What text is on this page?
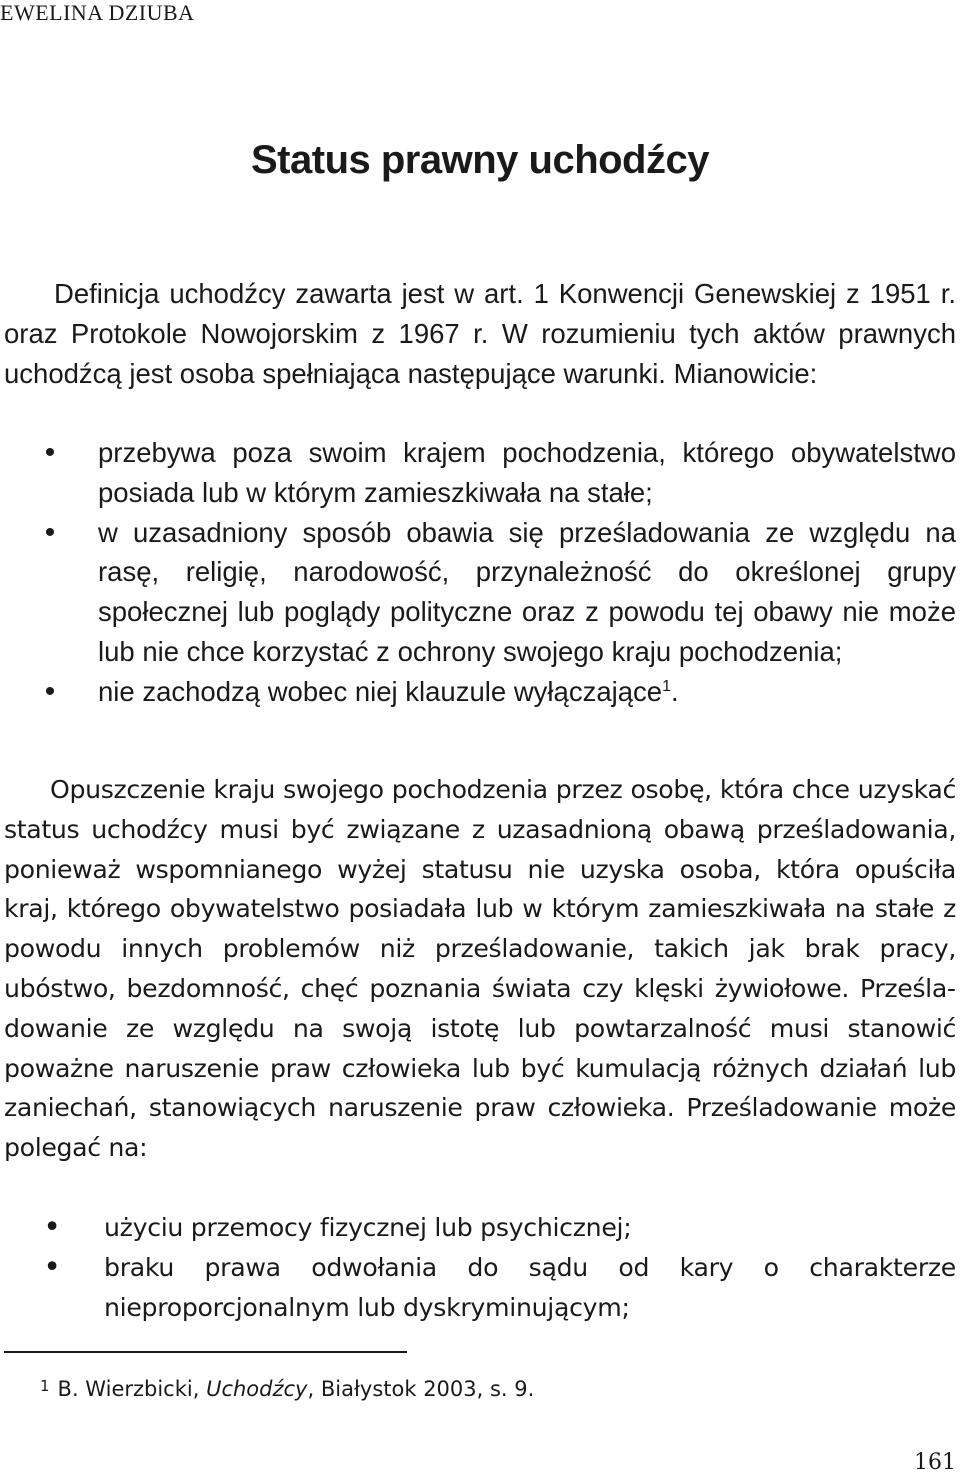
EWELINA DZIUBA
Status prawny uchodźcy

Definicja uchodźcy zawarta jest w art. 1 Konwencji Genewskiej z 1951 r. oraz Protokole Nowojorskim z 1967 r. W rozumieniu tych aktów prawnych uchodźcą jest osoba spełniająca następujące warunki. Mianowicie:

• przebywa poza swoim krajem pochodzenia, którego obywatelstwo posiada lub w którym zamieszkiwała na stałe;
• w uzasadniony sposób obawia się prześladowania ze względu na rasę, religię, narodowość, przynależność do określonej grupy społecznej lub poglądy polityczne oraz z powodu tej obawy nie może lub nie chce korzystać z ochrony swojego kraju pochodzenia;
• nie zachodzą wobec niej klauzule wyłączające$^1$.

Opuszczenie kraju swojego pochodzenia przez osobę, która chce uzyskać status uchodźcy musi być związane z uzasadnioną obawą prześladowania, ponieważ wspomnianego wyżej statusu nie uzyska osoba, która opuściła kraj, którego obywatelstwo posiadała lub w którym zamieszkiwała na stałe z powodu innych problemów niż prześladowanie, takich jak brak pracy, ubóstwo, bezdomność, chęć poznania świata czy klęski żywiołowe. Prześladowanie ze względu na swoją istotę lub powtarzalność musi stanowić poważne naruszenie praw człowieka lub być kumulacją różnych działań lub zaniechań, stanowiących naruszenie praw człowieka. Prześladowanie może polegać na:

• użyciu przemocy fizycznej lub psychicznej;
• braku prawa odwołania do sądu od kary o charakterze nieproporcjonalnym lub dyskryminującym;
$^1$ B. Wierzbicki, Uchodźcy, Białystok 2003, s. 9.
161
